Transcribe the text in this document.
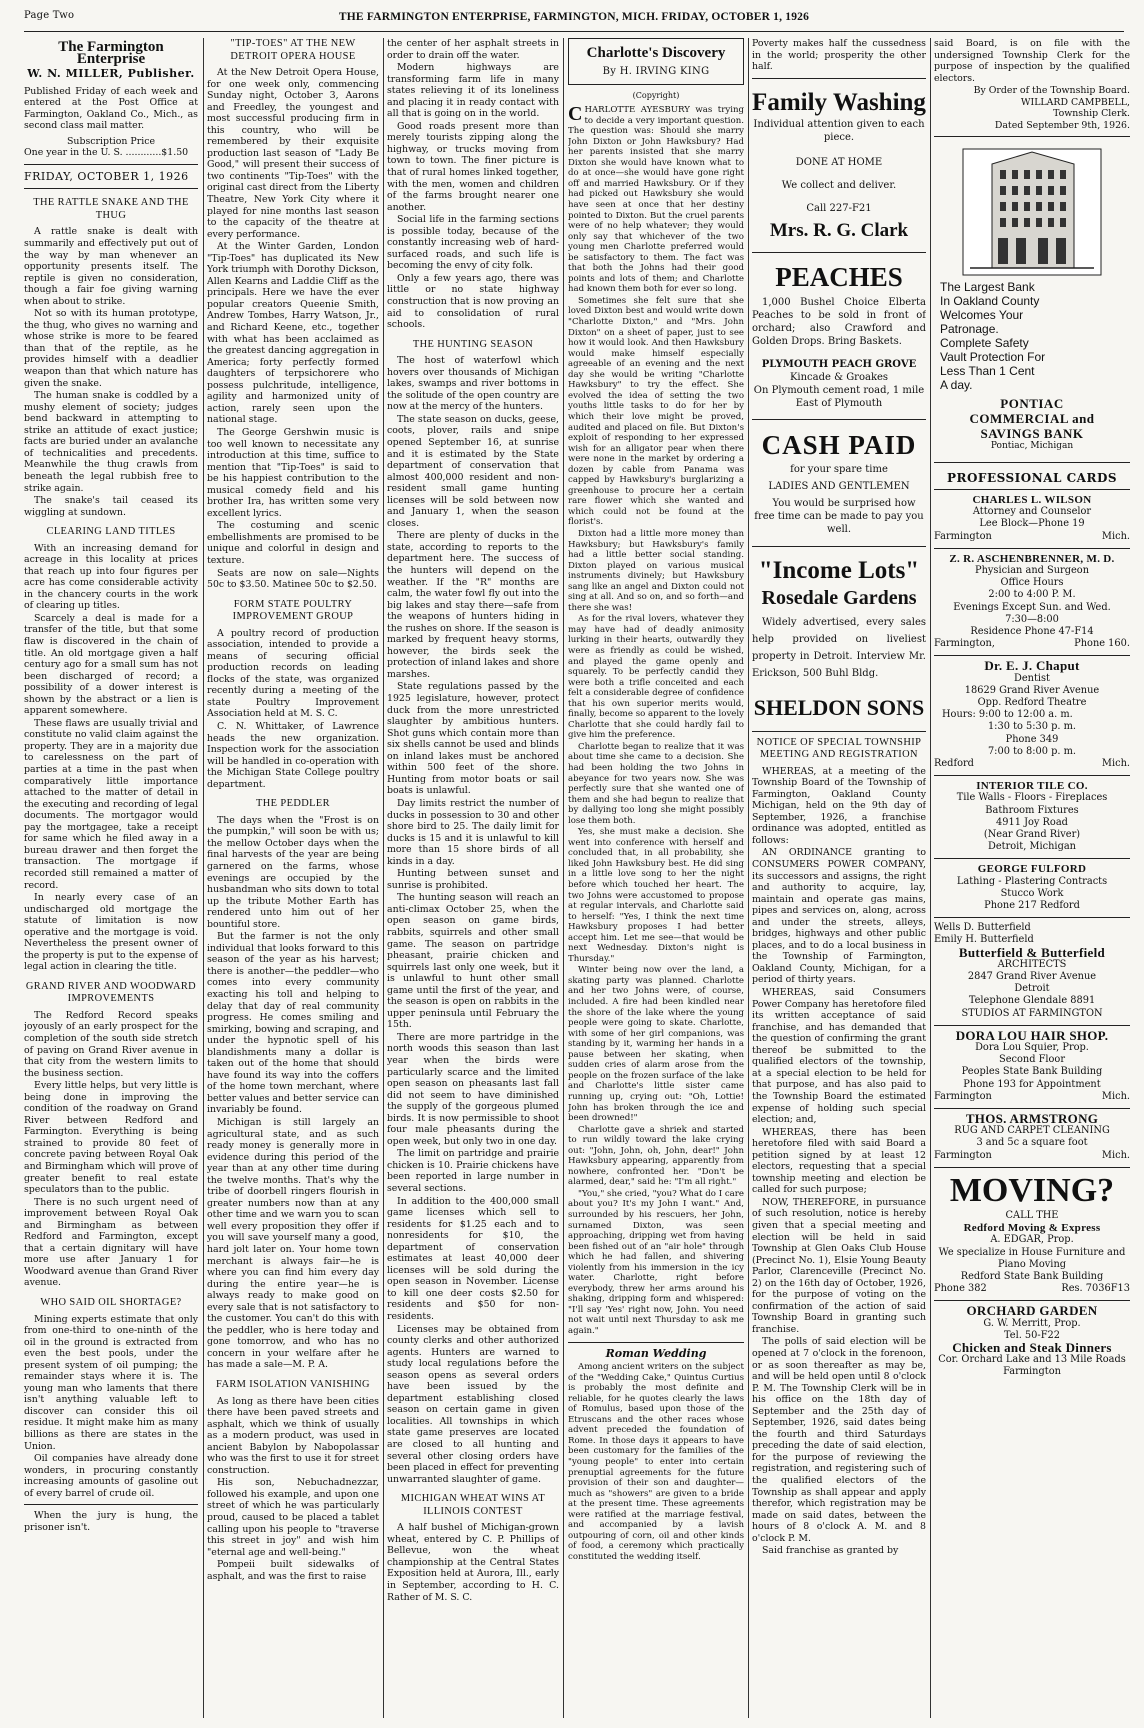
Page Two	THE FARMINGTON ENTERPRISE, FARMINGTON, MICH. FRIDAY, OCTOBER 1, 1926
The Farmington Enterprise
W. N. MILLER, Publisher.

Published Friday of each week and entered at the Post Office at Farmington, Oakland Co., Mich., as second class mail matter.

Subscription Price
One year in the U. S. ............$1.50
FRIDAY, OCTOBER 1, 1926
THE RATTLE SNAKE AND THE THUG

A rattle snake is dealt with summarily and effectively put out of the way by man whenever an opportunity presents itself. The reptile is given no consideration, though a fair foe giving warning when about to strike.

Not so with its human prototype, the thug, who gives no warning and whose strike is more to be feared than that of the reptile, as he provides himself with a deadlier weapon than that which nature has given the snake.

The human snake is coddled by a mushy element of society; judges bend backward in attempting to strike an attitude of exact justice; facts are buried under an avalanche of technicalities and precedents. Meanwhile the thug crawls from beneath the legal rubbish free to strike again.

The snake's tail ceased its wiggling at sundown.

CLEARING LAND TITLES

With an increasing demand for acreage in this locality at prices that reach up into four figures per acre has come considerable activity in the chancery courts in the work of clearing up titles.

Scarcely a deal is made for a transfer of the title, but that some flaw is discovered in the chain of title. An old mortgage given a half century ago for a small sum has not been discharged of record; a possibility of a dower interest is shown by the abstract or a lien is apparent somewhere.

These flaws are usually trivial and constitute no valid claim against the property. They are in a majority due to carelessness on the part of parties at a time in the past when comparatively little importance attached to the matter of detail in the executing and recording of legal documents. The mortgagor would pay the mortgagee, take a receipt for same which he filed away in a bureau drawer and then forget the transaction. The mortgage if recorded still remained a matter of record.

In nearly every case of an undischarged old mortgage the statute of limitation is now operative and the mortgage is void. Nevertheless the present owner of the property is put to the expense of legal action in clearing the title.

GRAND RIVER AND WOODWARD IMPROVEMENTS

The Redford Record speaks joyously of an early prospect for the completion of the south side stretch of paving on Grand River avenue in that city from the western limits to the business section.

Every little helps, but very little is being done in improving the condition of the roadway on Grand River between Redford and Farmington. Everything is being strained to provide 80 feet of concrete paving between Royal Oak and Birmingham which will prove of greater benefit to real estate speculators than to the public.

There is no such urgent need of improvement between Royal Oak and Birmingham as between Redford and Farmington, except that a certain dignitary will have more use after January 1 for Woodward avenue than Grand River avenue.

WHO SAID OIL SHORTAGE?

Mining experts estimate that only from one-third to one-ninth of the oil in the ground is extracted from even the best pools, under the present system of oil pumping; the remainder stays where it is. The young man who laments that there isn't anything valuable left to discover can consider this oil residue. It might make him as many billions as there are states in the Union.

Oil companies have already done wonders, in procuring constantly increasing amounts of gasoline out of every barrel of crude oil.

When the jury is hung, the prisoner isn't.

"TIP-TOES" AT THE NEW DETROIT OPERA HOUSE

At the New Detroit Opera House, for one week only, commencing Sunday night, October 3, Aarons and Freedley, the youngest and most successful producing firm in this country, who will be remembered by their exquisite production last season of "Lady Be Good," will present their success of two continents "Tip-Toes" with the original cast direct from the Liberty Theatre, New York City where it played for nine months last season to the capacity of the theatre at every performance.

At the Winter Garden, London "Tip-Toes" has duplicated its New York triumph with Dorothy Dickson, Allen Kearns and Laddie Cliff as the principals. Here we have the ever popular creators Queenie Smith, Andrew Tombes, Harry Watson, Jr., and Richard Keene, etc., together with what has been acclaimed as the greatest dancing aggregation in America; forty perfectly formed daughters of terpsichorere who possess pulchritude, intelligence, agility and harmonized unity of action, rarely seen upon the national stage.

The George Gershwin music is too well known to necessitate any introduction at this time, suffice to mention that "Tip-Toes" is said to be his happiest contribution to the musical comedy field and his brother Ira, has written some very excellent lyrics.

The costuming and scenic embellishments are promised to be unique and colorful in design and texture.

Seats are now on sale—Nights 50c to $3.50. Matinee 50c to $2.50.

FORM STATE POULTRY IMPROVEMENT GROUP

A poultry record of production association, intended to provide a means of securing official production records on leading flocks of the state, was organized recently during a meeting of the state Poultry Improvement Association held at M. S. C.

C. N. Whittaker, of Lawrence heads the new organization. Inspection work for the association will be handled in co-operation with the Michigan State College poultry department.

THE PEDDLER

The days when the "Frost is on the pumpkin," will soon be with us; the mellow October days when the final harvests of the year are being garnered on the farms, whose evenings are occupied by the husbandman who sits down to total up the tribute Mother Earth has rendered unto him out of her bountiful store.

But the farmer is not the only individual that looks forward to this season of the year as his harvest; there is another—the peddler—who comes into every community exacting his toll and helping to delay that day of real community progress. He comes smiling and smirking, bowing and scraping, and under the hypnotic spell of his blandishments many a dollar is taken out of the home that should have found its way into the coffers of the home town merchant, where better values and better service can invariably be found.

Michigan is still largely an agricultural state, and as such ready money is generally more in evidence during this period of the year than at any other time during the twelve months. That's why the tribe of doorbell ringers flourish in greater numbers now than at any other time and we warn you to scan well every proposition they offer if you will save yourself many a good, hard jolt later on. Your home town merchant is always fair—he is where you can find him every day during the entire year—he is always ready to make good on every sale that is not satisfactory to the customer. You can't do this with the peddler, who is here today and gone tomorrow, and who has no concern in your welfare after he has made a sale—M. P. A.

FARM ISOLATION VANISHING

As long as there have been cities there have been paved streets and asphalt, which we think of usually as a modern product, was used in ancient Babylon by Nabopolassar who was the first to use it for street construction.

His son, Nebuchadnezzar, followed his example, and upon one street of which he was particularly proud, caused to be placed a tablet calling upon his people to "traverse this street in joy" and wish him "eternal age and well-being."

Pompeii built sidewalks of asphalt, and was the first to raise

the center of her asphalt streets in order to drain off the water.

Modern highways are transforming farm life in many states relieving it of its loneliness and placing it in ready contact with all that is going on in the world.

Good roads present more than merely tourists zipping along the highway, or trucks moving from town to town. The finer picture is that of rural homes linked together, with the men, women and children of the farms brought nearer one another.

Social life in the farming sections is possible today, because of the constantly increasing web of hard-surfaced roads, and such life is becoming the envy of city folk.

Only a few years ago, there was little or no state highway construction that is now proving an aid to consolidation of rural schools.

THE HUNTING SEASON

The host of waterfowl which hovers over thousands of Michigan lakes, swamps and river bottoms in the solitude of the open country are now at the mercy of the hunters.

The state season on ducks, geese, coots, plover, rails and snipe opened September 16, at sunrise and it is estimated by the State department of conservation that almost 400,000 resident and non-resident small game hunting licenses will be sold between now and January 1, when the season closes.

There are plenty of ducks in the state, according to reports to the department here. The success of the hunters will depend on the weather. If the "R" months are calm, the water fowl fly out into the big lakes and stay there—safe from the weapons of hunters hiding in the rushes on shore. If the season is marked by frequent heavy storms, however, the birds seek the protection of inland lakes and shore marshes.

State regulations passed by the 1925 legislature, however, protect duck from the more unrestricted slaughter by ambitious hunters. Shot guns which contain more than six shells cannot be used and blinds on inland lakes must be anchored within 500 feet of the shore. Hunting from motor boats or sail boats is unlawful.

Day limits restrict the number of ducks in possession to 30 and other shore bird to 25. The daily limit for ducks is 15 and it is unlawful to kill more than 15 shore birds of all kinds in a day.

Hunting between sunset and sunrise is prohibited.

The hunting season will reach an anti-climax October 25, when the open season on game birds, rabbits, squirrels and other small game. The season on partridge pheasant, prairie chicken and squirrels last only one week, but it is unlawful to hunt other small game until the first of the year, and the season is open on rabbits in the upper peninsula until February the 15th.

There are more partridge in the north woods this season than last year when the birds were particularly scarce and the limited open season on pheasants last fall did not seem to have diminished the supply of the gorgeous plumed birds. It is now permissible to shoot four male pheasants during the open week, but only two in one day.

The limit on partridge and prairie chicken is 10. Prairie chickens have been reported in large number in several sections.

In addition to the 400,000 small game licenses which sell to residents for $1.25 each and to nonresidents for $10, the department of conservation estimates at least 40,000 deer licenses will be sold during the open season in November. License to kill one deer costs $2.50 for residents and $50 for non-residents.

Licenses may be obtained from county clerks and other authorized agents. Hunters are warned to study local regulations before the season opens as several orders have been issued by the department establishing closed season on certain game in given localities. All townships in which state game preserves are located are closed to all hunting and several other closing orders have been placed in effect for preventing unwarranted slaughter of game.

MICHIGAN WHEAT WINS AT ILLINOIS CONTEST

A half bushel of Michigan-grown wheat, entered by C. P. Phillips of Bellevue, won the wheat championship at the Central States Exposition held at Aurora, Ill., early in September, according to H. C. Rather of M. S. C.

Charlotte's Discovery
By H. IRVING KING
(Copyright)

CHARLOTTE AYESBURY was trying to decide a very important question. The question was: Should she marry John Dixton or John Hawksbury? Had her parents insisted that she marry Dixton she would have known what to do at once—she would have gone right off and married Hawksbury. Or if they had picked out Hawksbury she would have seen at once that her destiny pointed to Dixton. But the cruel parents were of no help whatever; they would only say that whichever of the two young men Charlotte preferred would be satisfactory to them. The fact was that both the Johns had their good points and lots of them; and Charlotte had known them both for ever so long.

Sometimes she felt sure that she loved Dixton best and would write down "Charlotte Dixton," and "Mrs. John Dixton" on a sheet of paper, just to see how it would look. And then Hawksbury would make himself especially agreeable of an evening and the next day she would be writing "Charlotte Hawksbury" to try the effect. She evolved the idea of setting the two youths little tasks to do for her by which their love might be proved, audited and placed on file. But Dixton's exploit of responding to her expressed wish for an alligator pear when there were none in the market by ordering a dozen by cable from Panama was capped by Hawksbury's burglarizing a greenhouse to procure her a certain rare flower which she wanted and which could not be found at the florist's.

Dixton had a little more money than Hawksbury; but Hawksbury's family had a little better social standing. Dixton played on various musical instruments divinely; but Hawksbury sang like an angel and Dixton could not sing at all. And so on, and so forth—and there she was!

As for the rival lovers, whatever they may have had of deadly animosity lurking in their hearts, outwardly they were as friendly as could be wished, and played the game openly and squarely. To be perfectly candid they were both a trifle conceited and each felt a considerable degree of confidence that his own superior merits would, finally, become so apparent to the lovely Charlotte that she could hardly fail to give him the preference.

Charlotte began to realize that it was about time she came to a decision. She had been holding the two Johns in abeyance for two years now. She was perfectly sure that she wanted one of them and she had begun to realize that by dallying too long she might possibly lose them both.

Yes, she must make a decision. She went into conference with herself and concluded that, in all probability, she liked John Hawksbury best. He did sing in a little love song to her the night before which touched her heart. The two Johns were accustomed to propose at regular intervals, and Charlotte said to herself: "Yes, I think the next time Hawksbury proposes I had better accept him. Let me see—that would be next Wednesday. Dixton's night is Thursday."

Winter being now over the land, a skating party was planned. Charlotte and her two Johns were, of course, included. A fire had been kindled near the shore of the lake where the young people were going to skate. Charlotte, with some of her girl companions, was standing by it, warming her hands in a pause between her skating, when sudden cries of alarm arose from the people on the frozen surface of the lake and Charlotte's little sister came running up, crying out: "Oh, Lottie! John has broken through the ice and been drowned!"

Charlotte gave a shriek and started to run wildly toward the lake crying out: "John, John, oh, John, dear!" John Hawksbury appearing, apparently from nowhere, confronted her. "Don't be alarmed, dear," said he: "I'm all right."

"You," she cried, "you? What do I care about you? It's my John I want." And, surrounded by his rescuers, her John, surnamed Dixton, was seen approaching, dripping wet from having been fished out of an "air hole" through which he had fallen, and shivering violently from his immersion in the icy water. Charlotte, right before everybody, threw her arms around his shaking, dripping form and whispered: "I'll say 'Yes' right now, John. You need not wait until next Thursday to ask me again."

Roman Wedding

Among ancient writers on the subject of the "Wedding Cake," Quintus Curtius is probably the most definite and reliable, for he quotes clearly the laws of Romulus, based upon those of the Etruscans and the other races whose advent preceded the foundation of Rome. In those days it appears to have been customary for the families of the "young people" to enter into certain prenuptial agreements for the future provision of their son and daughter—much as "showers" are given to a bride at the present time. These agreements were ratified at the marriage festival, and accompanied by a lavish outpouring of corn, oil and other kinds of food, a ceremony which practically constituted the wedding itself.

Poverty makes half the cussedness in the world; prosperity the other half.

Family Washing
Individual attention given to each piece.
DONE AT HOME
We collect and deliver.
Call 227-F21
Mrs. R. G. Clark
PEACHES

1,000 Bushel Choice Elberta Peaches to be sold in front of orchard; also Crawford and Golden Drops. Bring Baskets.

PLYMOUTH PEACH GROVE
Kincade & Groakes
On Plymouth cement road, 1 mile East of Plymouth
CASH PAID
for your spare time
LADIES AND GENTLEMEN

You would be surprised how free time can be made to pay you well.

"Income Lots"
Rosedale Gardens

Widely advertised, every sales help provided on liveliest property in Detroit. Interview Mr. Erickson, 500 Buhl Bldg.

SHELDON SONS
NOTICE OF SPECIAL TOWNSHIP MEETING AND REGISTRATION

WHEREAS, at a meeting of the Township Board of the Township of Farmington, Oakland County Michigan, held on the 9th day of September, 1926, a franchise ordinance was adopted, entitled as follows:

AN ORDINANCE granting to CONSUMERS POWER COMPANY, its successors and assigns, the right and authority to acquire, lay, maintain and operate gas mains, pipes and services on, along, across and under the streets, alleys, bridges, highways and other public places, and to do a local business in the Township of Farmington, Oakland County, Michigan, for a period of thirty years.

WHEREAS, said Consumers Power Company has heretofore filed its written acceptance of said franchise, and has demanded that the question of confirming the grant thereof be submitted to the qualified electors of the township, at a special election to be held for that purpose, and has also paid to the Township Board the estimated expense of holding such special election; and,

WHEREAS, there has been heretofore filed with said Board a petition signed by at least 12 electors, requesting that a special township meeting and election be called for such purpose;

NOW, THEREFORE, in pursuance of such resolution, notice is hereby given that a special meeting and election will be held in said Township at Glen Oaks Club House (Precinct No. 1), Elsie Young Beauty Parlor, Clarenceville (Precinct No. 2) on the 16th day of October, 1926, for the purpose of voting on the confirmation of the action of said Township Board in granting such franchise.

The polls of said election will be opened at 7 o'clock in the forenoon, or as soon thereafter as may be, and will be held open until 8 o'clock P. M. The Township Clerk will be in his office on the 18th day of September and the 25th day of September, 1926, said dates being the fourth and third Saturdays preceding the date of said election, for the purpose of reviewing the registration, and registering such of the qualified electors of the Township as shall appear and apply therefor, which registration may be made on said dates, between the hours of 8 o'clock A. M. and 8 o'clock P. M.

Said franchise as granted by

said Board, is on file with the undersigned Township Clerk for the purpose of inspection by the qualified electors.

By Order of the Township Board.
WILLARD CAMPBELL,
Township Clerk.
Dated September 9th, 1926.
The Largest Bank
In Oakland County
Welcomes Your
Patronage.
Complete Safety
Vault Protection For
Less Than 1 Cent
A day.
PONTIAC
COMMERCIAL and
SAVINGS BANK
Pontiac, Michigan
PROFESSIONAL CARDS
CHARLES L. WILSON
Attorney and Counselor
Lee Block—Phone 19
Farmington	Mich.
Z. R. ASCHENBRENNER, M. D.
Physician and Surgeon
Office Hours
2:00 to 4:00 P. M.
Evenings Except Sun. and Wed.
7:30—8:00
Residence Phone 47-F14
Farmington,	Phone 160.
Dr. E. J. Chaput
Dentist
18629 Grand River Avenue
Opp. Redford Theatre
Hours: 9:00 to 12:00 a. m.
1:30 to 5:30 p. m.
Phone 349
7:00 to 8:00 p. m.
Redford	Mich.
INTERIOR TILE CO.
Tile Walls - Floors - Fireplaces
Bathroom Fixtures
4911 Joy Road
(Near Grand River)
Detroit, Michigan
GEORGE FULFORD
Lathing - Plastering Contracts
Stucco Work
Phone 217 Redford
Wells D. Butterfield
Emily H. Butterfield
Butterfield & Butterfield
ARCHITECTS
2847 Grand River Avenue
Detroit
Telephone Glendale 8891
STUDIOS AT FARMINGTON
DORA LOU HAIR SHOP.
Dora Lou Squier, Prop.
Second Floor
Peoples State Bank Building
Phone 193 for Appointment
Farmington	Mich.
THOS. ARMSTRONG
RUG AND CARPET CLEANING
3 and 5c a square foot
Farmington	Mich.
MOVING?
CALL THE
Redford Moving & Express
A. EDGAR, Prop.
We specialize in House Furniture and Piano Moving
Redford State Bank Building
Phone 382	Res. 7036F13
ORCHARD GARDEN
G. W. Merritt, Prop.
Tel. 50-F22
Chicken and Steak Dinners
Cor. Orchard Lake and 13 Mile Roads
Farmington
